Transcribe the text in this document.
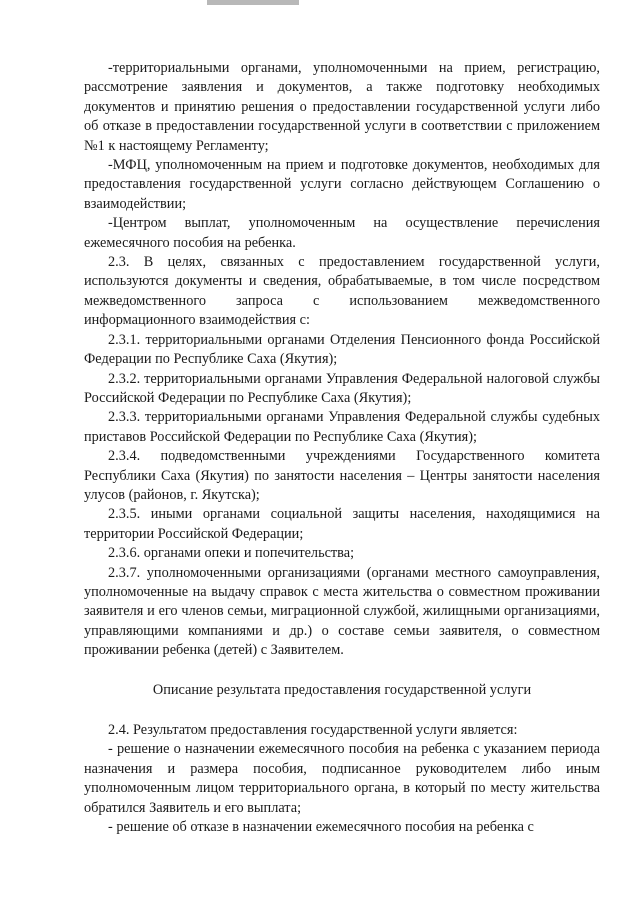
-территориальными органами, уполномоченными на прием, регистрацию, рассмотрение заявления и документов, а также подготовку необходимых документов и принятию решения о предоставлении государственной услуги либо об отказе в предоставлении государственной услуги в соответствии с приложением №1 к настоящему Регламенту;

-МФЦ, уполномоченным на прием и подготовке документов, необходимых для предоставления государственной услуги согласно действующем Соглашению о взаимодействии;

-Центром выплат, уполномоченным на осуществление перечисления ежемесячного пособия на ребенка.

2.3. В целях, связанных с предоставлением государственной услуги, используются документы и сведения, обрабатываемые, в том числе посредством межведомственного запроса с использованием межведомственного информационного взаимодействия с:

2.3.1. территориальными органами Отделения Пенсионного фонда Российской Федерации по Республике Саха (Якутия);

2.3.2. территориальными органами Управления Федеральной налоговой службы Российской Федерации по Республике Саха (Якутия);

2.3.3. территориальными органами Управления Федеральной службы судебных приставов Российской Федерации по Республике Саха (Якутия);

2.3.4. подведомственными учреждениями Государственного комитета Республики Саха (Якутия) по занятости населения – Центры занятости населения улусов (районов, г. Якутска);

2.3.5. иными органами социальной защиты населения, находящимися на территории Российской Федерации;

2.3.6. органами опеки и попечительства;

2.3.7. уполномоченными организациями (органами местного самоуправления, уполномоченные на выдачу справок с места жительства о совместном проживании заявителя и его членов семьи, миграционной службой, жилищными организациями, управляющими компаниями и др.) о составе семьи заявителя, о совместном проживании ребенка (детей) с Заявителем.

Описание результата предоставления государственной услуги

2.4. Результатом предоставления государственной услуги является:

- решение о назначении ежемесячного пособия на ребенка с указанием периода назначения и размера пособия, подписанное руководителем либо иным уполномоченным лицом территориального органа, в который по месту жительства обратился Заявитель и его выплата;

- решение об отказе в назначении ежемесячного пособия на ребенка с
